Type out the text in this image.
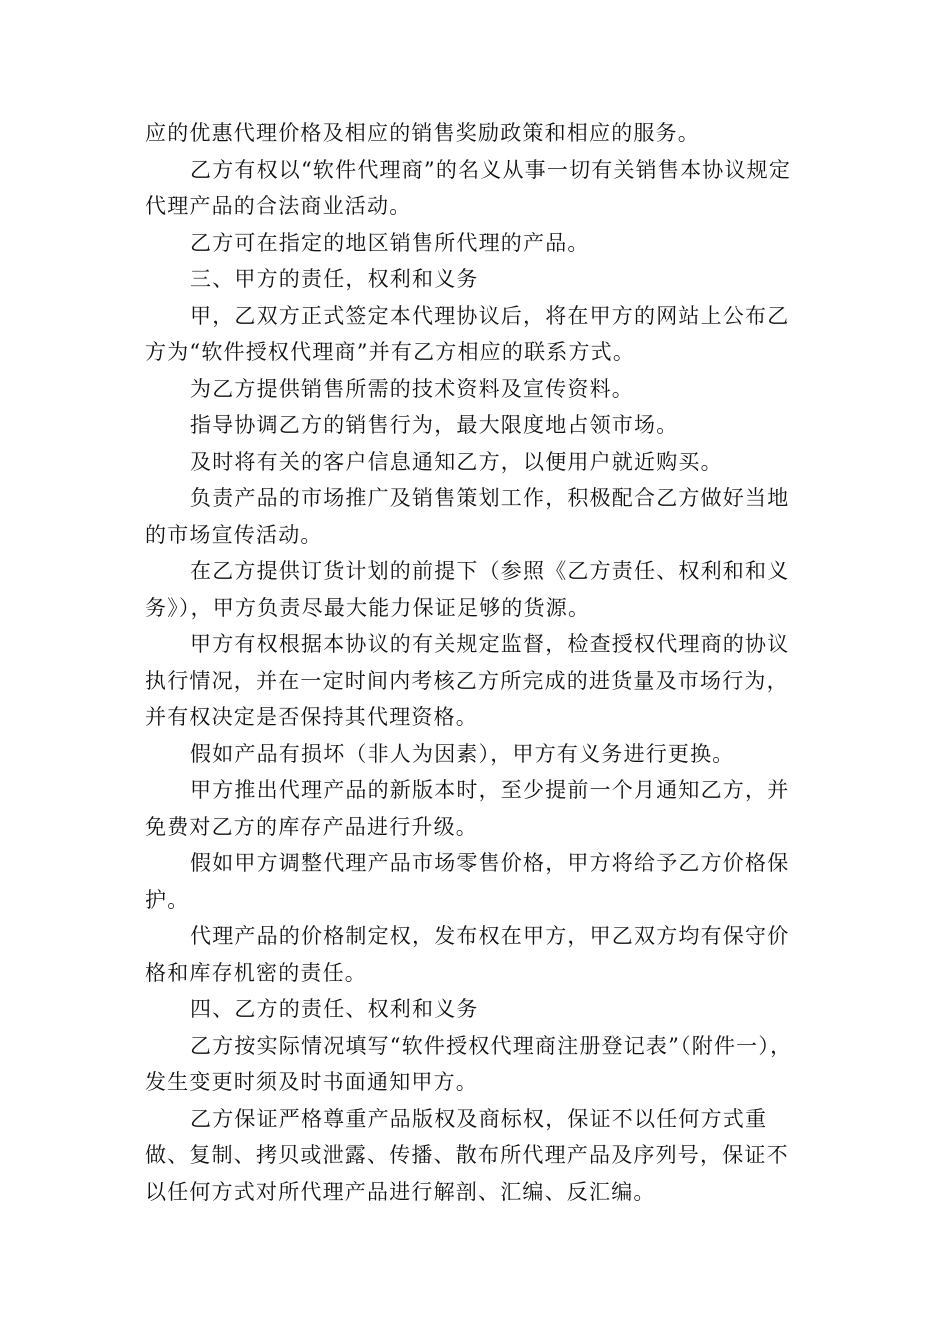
应的优惠代理价格及相应的销售奖励政策和相应的服务。

乙方有权以“软件代理商”的名义从事一切有关销售本协议规定代理产品的合法商业活动。

乙方可在指定的地区销售所代理的产品。

三、甲方的责任，权利和义务

甲，乙双方正式签定本代理协议后，将在甲方的网站上公布乙方为“软件授权代理商”并有乙方相应的联系方式。

为乙方提供销售所需的技术资料及宣传资料。

指导协调乙方的销售行为，最大限度地占领市场。

及时将有关的客户信息通知乙方，以便用户就近购买。

负责产品的市场推广及销售策划工作，积极配合乙方做好当地的市场宣传活动。

在乙方提供订货计划的前提下（参照《乙方责任、权利和和义务》），甲方负责尽最大能力保证足够的货源。

甲方有权根据本协议的有关规定监督，检查授权代理商的协议执行情况，并在一定时间内考核乙方所完成的进货量及市场行为，并有权决定是否保持其代理资格。

假如产品有损坏（非人为因素），甲方有义务进行更换。

甲方推出代理产品的新版本时，至少提前一个月通知乙方，并免费对乙方的库存产品进行升级。

假如甲方调整代理产品市场零售价格，甲方将给予乙方价格保护。

代理产品的价格制定权，发布权在甲方，甲乙双方均有保守价格和库存机密的责任。

四、乙方的责任、权利和义务

乙方按实际情况填写“软件授权代理商注册登记表”（附件一），发生变更时须及时书面通知甲方。

乙方保证严格尊重产品版权及商标权，保证不以任何方式重做、复制、拷贝或泄露、传播、散布所代理产品及序列号，保证不以任何方式对所代理产品进行解剖、汇编、反汇编。
